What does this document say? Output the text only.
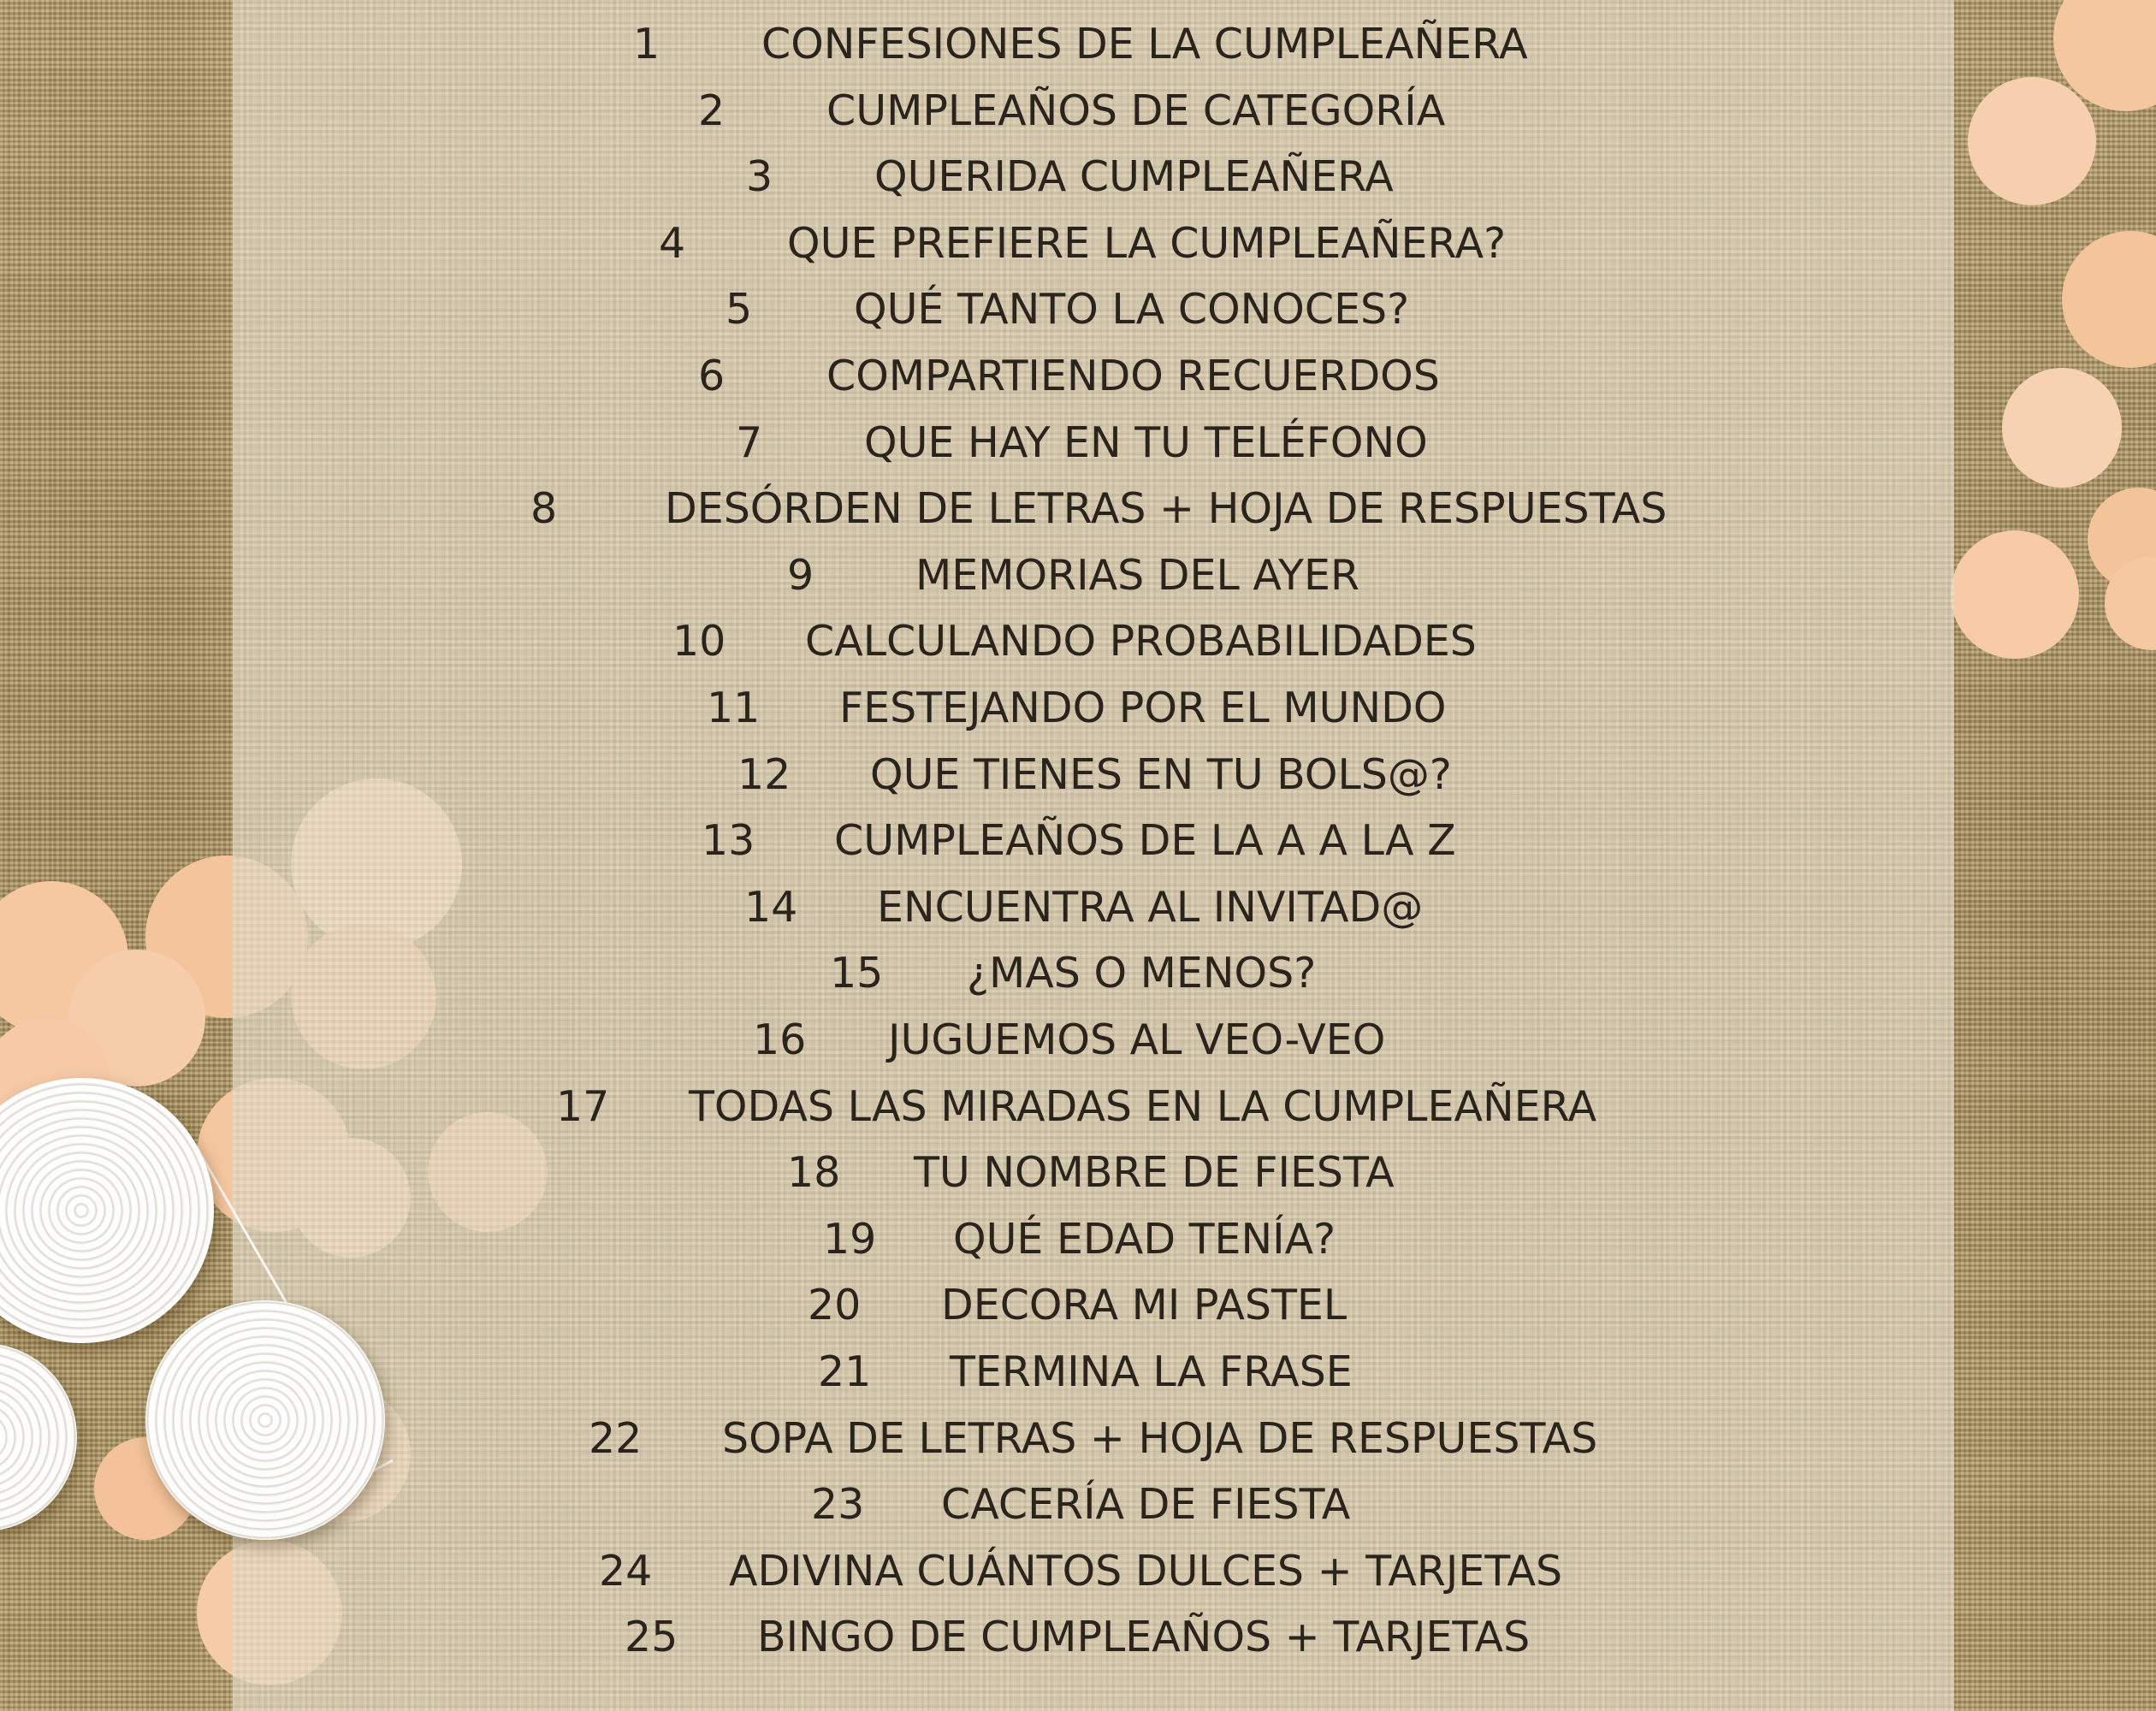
1 CONFESIONES DE LA CUMPLEAÑERA
2 CUMPLEAÑOS DE CATEGORÍA
3 QUERIDA CUMPLEAÑERA
4 QUE PREFIERE LA CUMPLEAÑERA?
5 QUÉ TANTO LA CONOCES?
6 COMPARTIENDO RECUERDOS
7 QUE HAY EN TU TELÉFONO
8	DESÓRDEN DE LETRAS + HOJA DE RESPUESTAS
9 MEMORIAS DEL AYER
10 CALCULANDO PROBABILIDADES
11 FESTEJANDO POR EL MUNDO
12 QUE TIENES EN TU BOLS@?
13 CUMPLEAÑOS DE LA A A LA Z
14 ENCUENTRA AL INVITAD@
15 ¿MAS O MENOS?
16 JUGUEMOS AL VEO-VEO
17 TODAS LAS MIRADAS EN LA CUMPLEAÑERA
18 TU NOMBRE DE FIESTA
19 QUÉ EDAD TENÍA?
20 DECORA MI PASTEL
21 TERMINA LA FRASE
22 SOPA DE LETRAS + HOJA DE RESPUESTAS
23 CACERÍA DE FIESTA
24 ADIVINA CUÁNTOS DULCES + TARJETAS
25 BINGO DE CUMPLEAÑOS + TARJETAS
